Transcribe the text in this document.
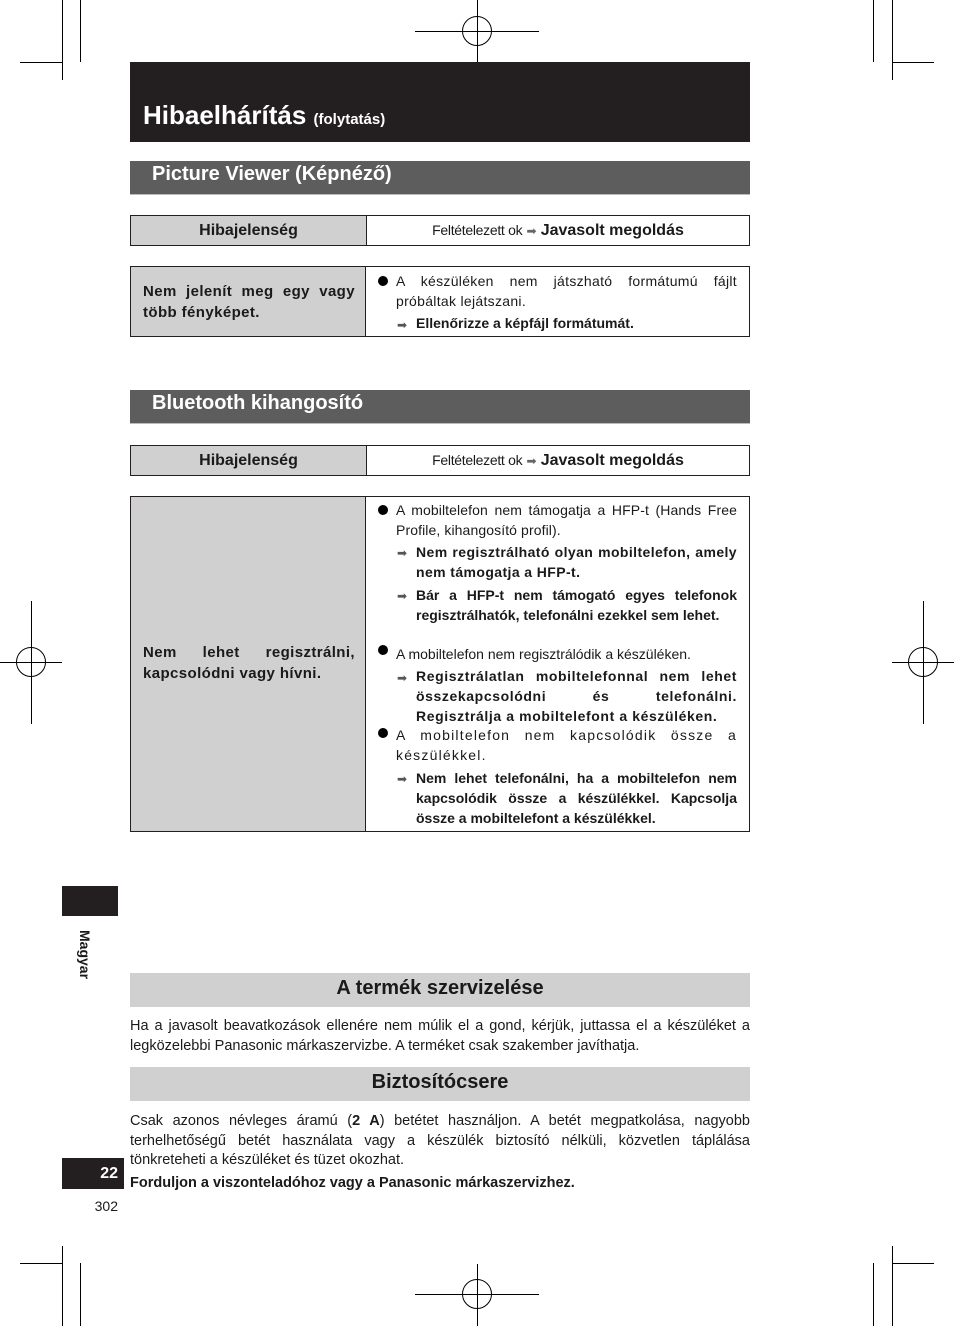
Hibaelhárítás (folytatás)
Picture Viewer (Képnéző)
Hibajelenség	Feltételezett ok ➡ Javasolt megoldás
Nem jelenít meg egy vagy több fényképet.
A készüléken nem játszható formátumú fájlt próbáltak lejátszani.
➡ Ellenőrizze a képfájl formátumát.
Bluetooth kihangosító
Hibajelenség	Feltételezett ok ➡ Javasolt megoldás
Nem lehet regisztrálni, kapcsolódni vagy hívni.
A mobiltelefon nem támogatja a HFP-t (Hands Free Profile, kihangosító profil).
➡ Nem regisztrálható olyan mobiltelefon, amely nem támogatja a HFP-t.
➡ Bár a HFP-t nem támogató egyes telefonok regisztrálhatók, telefonálni ezekkel sem lehet.
A mobiltelefon nem regisztrálódik a készüléken.
➡ Regisztrálatlan mobiltelefonnal nem lehet összekapcsolódni és telefonálni. Regisztrálja a mobiltelefont a készüléken.
A mobiltelefon nem kapcsolódik össze a készülékkel.
➡ Nem lehet telefonálni, ha a mobiltelefon nem kapcsolódik össze a készülékkel. Kapcsolja össze a mobiltelefont a készülékkel.
Magyar
A termék szervizelése
Ha a javasolt beavatkozások ellenére nem múlik el a gond, kérjük, juttassa el a készüléket a legközelebbi Panasonic márkaszervizbe. A terméket csak szakember javíthatja.
Biztosítócsere
Csak azonos névleges áramú (2 A) betétet használjon. A betét megpatkolása, nagyobb terhelhetőségű betét használata vagy a készülék biztosító nélküli, közvetlen táplálása tönkreteheti a készüléket és tüzet okozhat.
Forduljon a viszonteladóhoz vagy a Panasonic márkaszervizhez.
22
302
